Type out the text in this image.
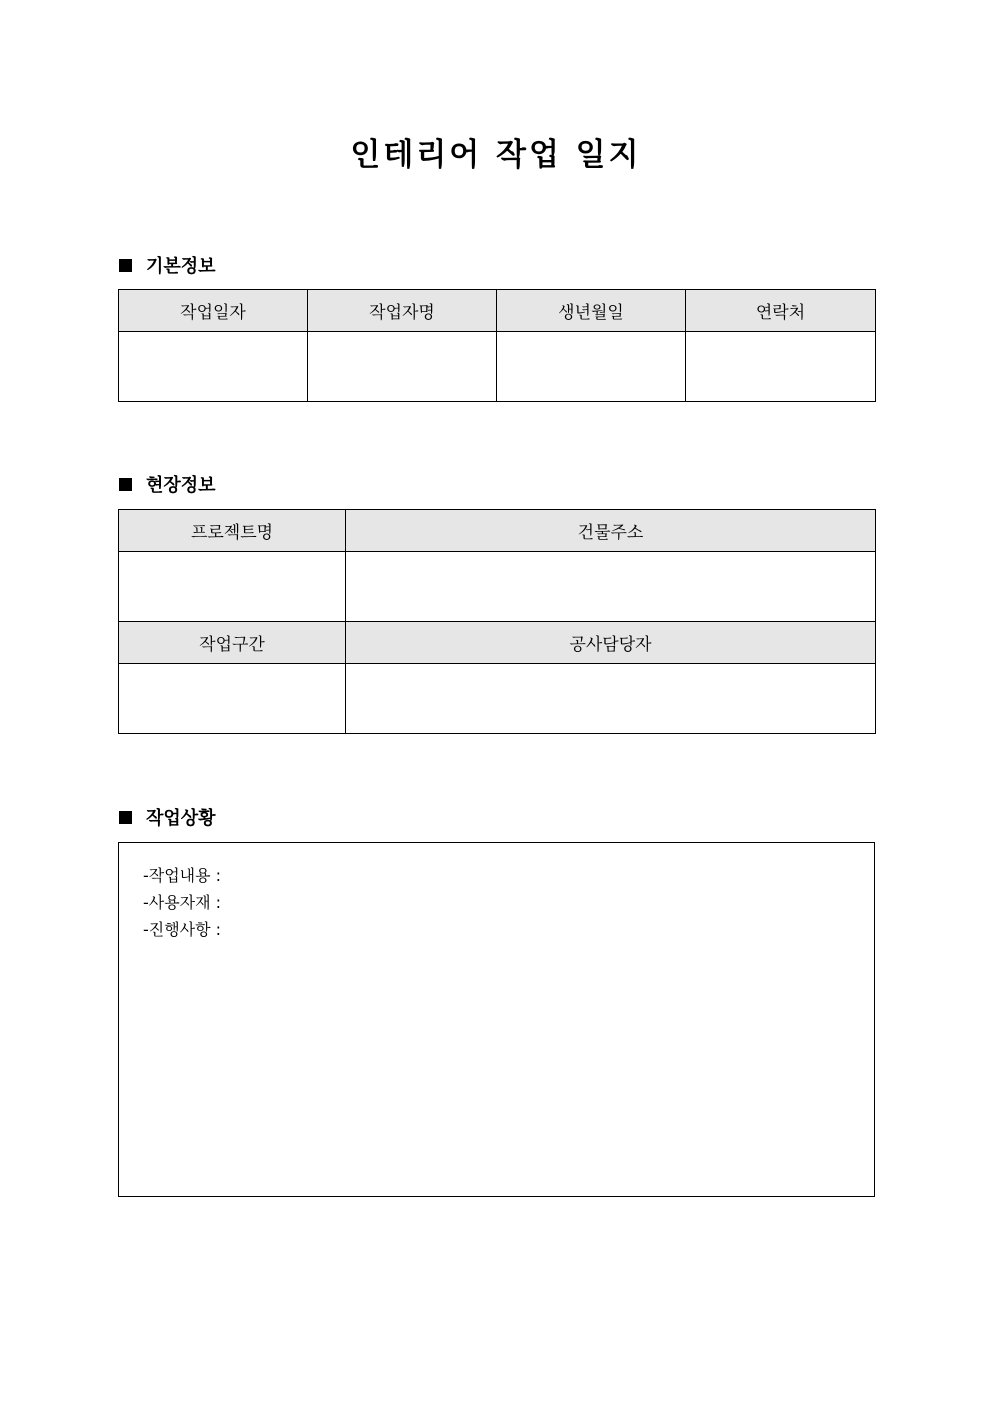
인테리어 작업 일지
기본정보
작업일자	작업자명	생년월일	연락처

현장정보
프로젝트명	건물주소

작업구간	공사담당자

작업상황
-작업내용 :
-사용자재 :
-진행사항 :
